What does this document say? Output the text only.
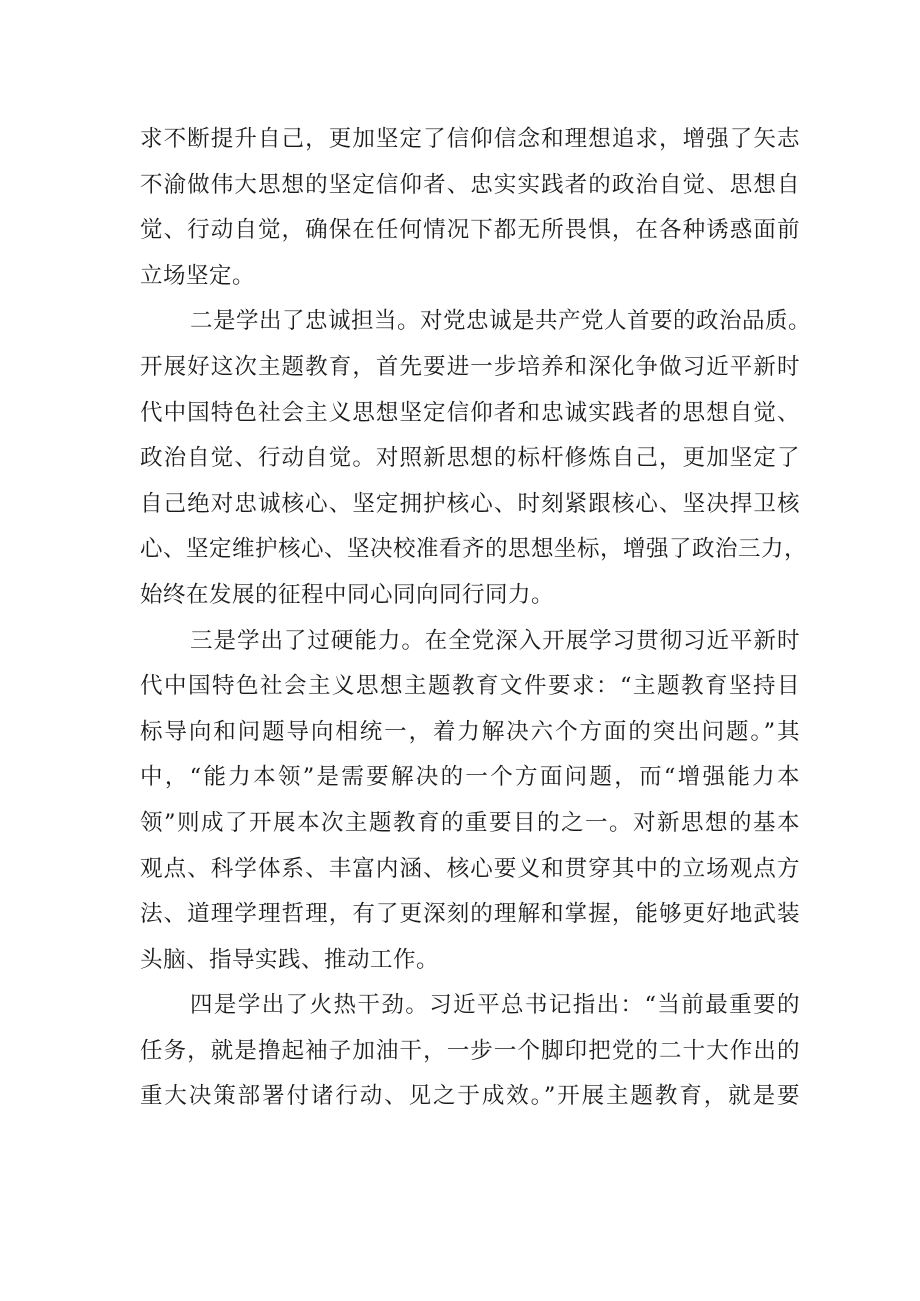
求不断提升自己，更加坚定了信仰信念和理想追求，增强了矢志
不渝做伟大思想的坚定信仰者、忠实实践者的政治自觉、思想自
觉、行动自觉，确保在任何情况下都无所畏惧，在各种诱惑面前
立场坚定。
二是学出了忠诚担当。对党忠诚是共产党人首要的政治品质。
开展好这次主题教育，首先要进一步培养和深化争做习近平新时
代中国特色社会主义思想坚定信仰者和忠诚实践者的思想自觉、
政治自觉、行动自觉。对照新思想的标杆修炼自己，更加坚定了
自己绝对忠诚核心、坚定拥护核心、时刻紧跟核心、坚决捍卫核
心、坚定维护核心、坚决校准看齐的思想坐标，增强了政治三力，
始终在发展的征程中同心同向同行同力。
三是学出了过硬能力。在全党深入开展学习贯彻习近平新时
代中国特色社会主义思想主题教育文件要求：“主题教育坚持目
标导向和问题导向相统一，着力解决六个方面的突出问题。”其
中，“能力本领”是需要解决的一个方面问题，而“增强能力本
领”则成了开展本次主题教育的重要目的之一。对新思想的基本
观点、科学体系、丰富内涵、核心要义和贯穿其中的立场观点方
法、道理学理哲理，有了更深刻的理解和掌握，能够更好地武装
头脑、指导实践、推动工作。
四是学出了火热干劲。习近平总书记指出：“当前最重要的
任务，就是撸起袖子加油干，一步一个脚印把党的二十大作出的
重大决策部署付诸行动、见之于成效。”开展主题教育，就是要
